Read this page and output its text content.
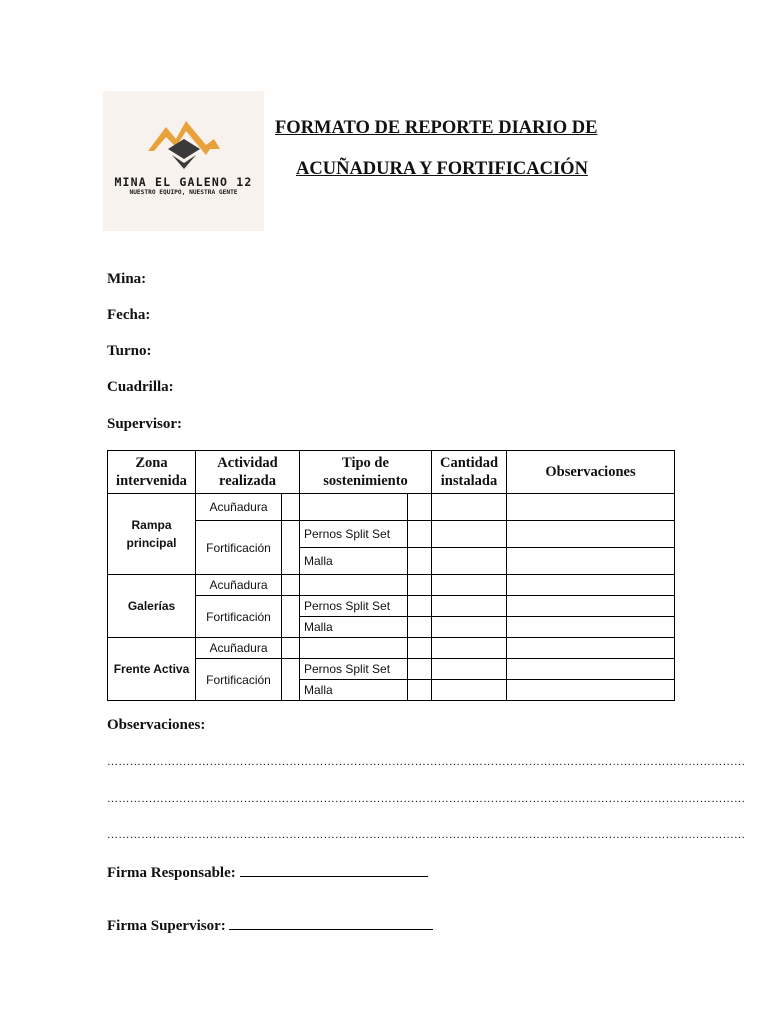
MINA EL GALENO 12
NUESTRO EQUIPO, NUESTRA GENTE
FORMATO DE REPORTE DIARIO DE
ACUÑADURA Y FORTIFICACIÓN
Mina:
Fecha:
Turno:
Cuadrilla:
Supervisor:
Zona intervenida	Actividad realizada		Tipo de sostenimiento		Cantidad instalada	Observaciones
Rampa principal	Acuñadura					
	Fortificación		Pernos Split Set			
			Malla			
Galerías	Acuñadura					
	Fortificación		Pernos Split Set			
			Malla			
Frente Activa	Acuñadura					
	Fortificación		Pernos Split Set			
			Malla			
Observaciones:
……………………………………………………………………………………………………………………………………………………
……………………………………………………………………………………………………………………………………………………
……………………………………………………………………………………………………………………………………………………
Firma Responsable:
Firma Supervisor:
